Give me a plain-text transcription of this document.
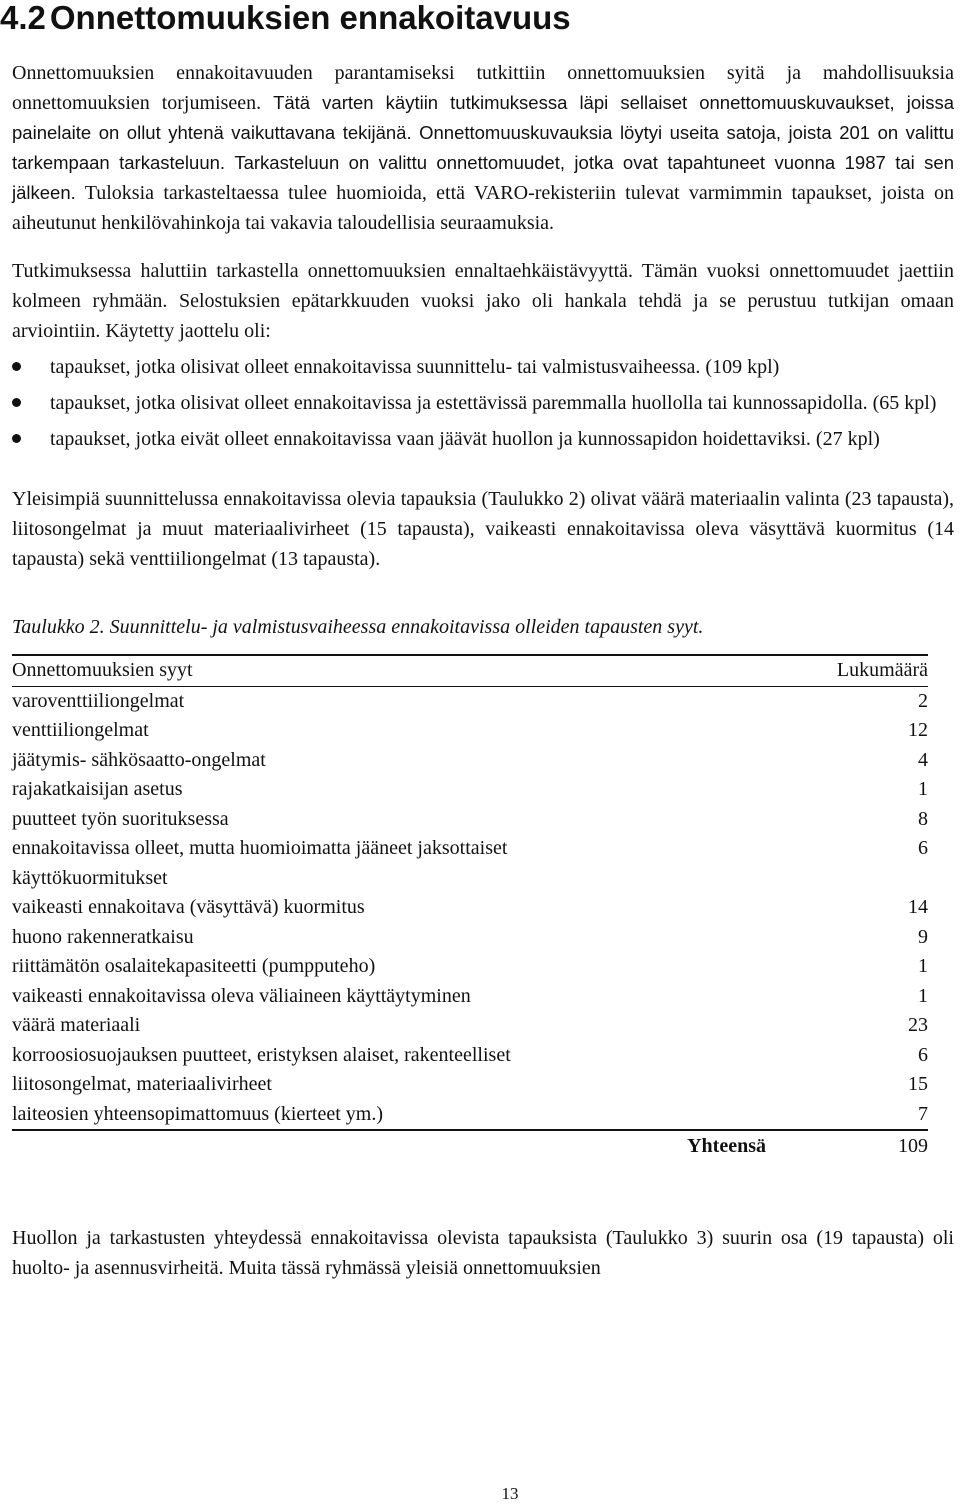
4.2 Onnettomuuksien ennakoitavuus

Onnettomuuksien ennakoitavuuden parantamiseksi tutkittiin onnettomuuksien syitä ja mahdollisuuksia onnettomuuksien torjumiseen. Tätä varten käytiin tutkimuksessa läpi sellaiset onnettomuuskuvaukset, joissa painelaite on ollut yhtenä vaikuttavana tekijänä. Onnettomuuskuvauksia löytyi useita satoja, joista 201 on valittu tarkempaan tarkasteluun. Tarkasteluun on valittu onnettomuudet, jotka ovat tapahtuneet vuonna 1987 tai sen jälkeen. Tuloksia tarkasteltaessa tulee huomioida, että VARO-rekisteriin tulevat varmimmin tapaukset, joista on aiheutunut henkilövahinkoja tai vakavia taloudellisia seuraamuksia.

Tutkimuksessa haluttiin tarkastella onnettomuuksien ennaltaehkäistävyyttä. Tämän vuoksi onnettomuudet jaettiin kolmeen ryhmään. Selostuksien epätarkkuuden vuoksi jako oli hankala tehdä ja se perustuu tutkijan omaan arviointiin. Käytetty jaottelu oli:

tapaukset, jotka olisivat olleet ennakoitavissa suunnittelu- tai valmistusvaiheessa. (109 kpl)
tapaukset, jotka olisivat olleet ennakoitavissa ja estettävissä paremmalla huollolla tai kunnossapidolla. (65 kpl)
tapaukset, jotka eivät olleet ennakoitavissa vaan jäävät huollon ja kunnossapidon hoidettaviksi. (27 kpl)

Yleisimpiä suunnittelussa ennakoitavissa olevia tapauksia (Taulukko 2) olivat väärä materiaalin valinta (23 tapausta), liitosongelmat ja muut materiaalivirheet (15 tapausta), vaikeasti ennakoitavissa oleva väsyttävä kuormitus (14 tapausta) sekä venttiiliongelmat (13 tapausta).

Taulukko 2. Suunnittelu- ja valmistusvaiheessa ennakoitavissa olleiden tapausten syyt.

Onnettomuuksien syyt	Lukumäärä
varoventtiiliongelmat	2
venttiiliongelmat	12
jäätymis- sähkösaatto-ongelmat	4
rajakatkaisijan asetus	1
puutteet työn suorituksessa	8
ennakoitavissa olleet, mutta huomioimatta jääneet jaksottaiset käyttökuormitukset	6
vaikeasti ennakoitava (väsyttävä) kuormitus	14
huono rakenneratkaisu	9
riittämätön osalaitekapasiteetti (pumpputeho)	1
vaikeasti ennakoitavissa oleva väliaineen käyttäytyminen	1
väärä materiaali	23
korroosiosuojauksen puutteet, eristyksen alaiset, rakenteelliset	6
liitosongelmat, materiaalivirheet	15
laiteosien yhteensopimattomuus (kierteet ym.)	7
Yhteensä	109

Huollon ja tarkastusten yhteydessä ennakoitavissa olevista tapauksista (Taulukko 3) suurin osa (19 tapausta) oli huolto- ja asennusvirheitä. Muita tässä ryhmässä yleisiä onnettomuuksien

13
